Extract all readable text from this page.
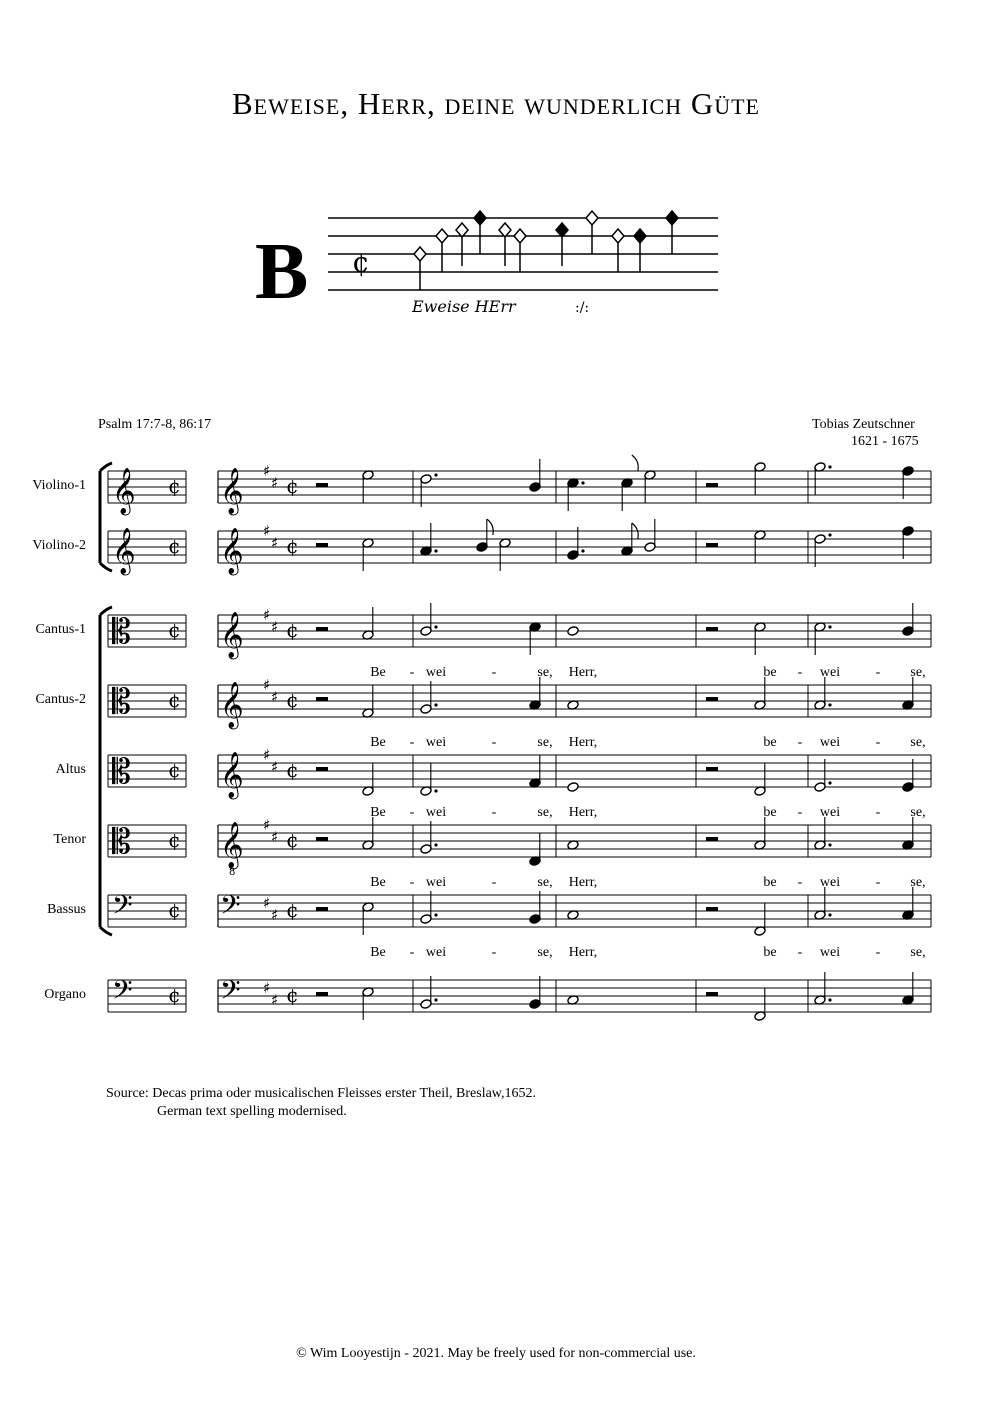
Beweise, Herr, deine wunderlich Güte
B ¢
Eweise HErr	:/:
𝄞 ¢ 𝄞 ♯
♯ ¢
𝄞 ¢ 𝄞 ♯
♯ ¢
𝄡 ¢ 𝄞 ♯
♯ ¢
𝄡 ¢ 𝄞 ♯
♯ ¢
𝄡 ¢ 𝄞 ♯
♯ ¢
𝄡 ¢ 𝄞
8
♯
♯ ¢
𝄢 ¢ 𝄢 ♯
♯ ¢
𝄢 ¢ 𝄢 ♯
♯ ¢
Psalm 17:7-8, 86:17	Tobias Zeutschner
1621 - 1675
Violino-1
Violino-2
Cantus-1
Cantus-2
Altus
Tenor
Bassus
Organo
Be	- wei	-	se,	Herr,	be	-	wei	-	se,
Be	- wei	-	se,	Herr,	be	-	wei	-	se,
Be	- wei	-	se,	Herr,	be	-	wei	-	se,
Be	- wei	-	se,	Herr,	be	-	wei	-	se,
Be	- wei	-	se,	Herr,	be	-	wei	-	se,
Source: Decas prima oder musicalischen Fleisses erster Theil, Breslaw,1652.
German text spelling modernised.
© Wim Looyestijn - 2021. May be freely used for non-commercial use.
